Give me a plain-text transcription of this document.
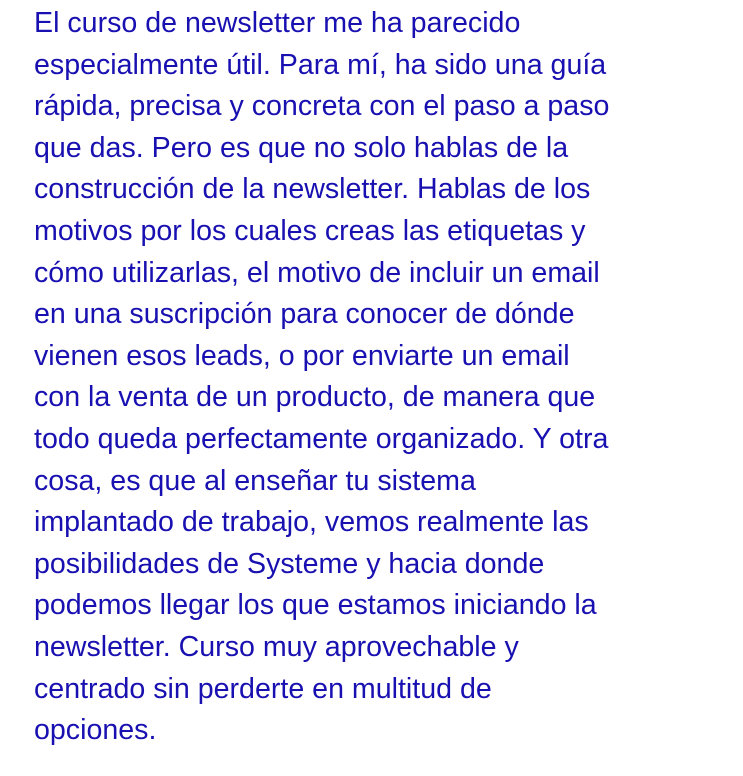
El curso de newsletter me ha parecido
especialmente útil. Para mí, ha sido una guía
rápida, precisa y concreta con el paso a paso
que das. Pero es que no solo hablas de la
construcción de la newsletter. Hablas de los
motivos por los cuales creas las etiquetas y
cómo utilizarlas, el motivo de incluir un email
en una suscripción para conocer de dónde
vienen esos leads, o por enviarte un email
con la venta de un producto, de manera que
todo queda perfectamente organizado. Y otra
cosa, es que al enseñar tu sistema
implantado de trabajo, vemos realmente las
posibilidades de Systeme y hacia donde
podemos llegar los que estamos iniciando la
newsletter. Curso muy aprovechable y
centrado sin perderte en multitud de
opciones.
